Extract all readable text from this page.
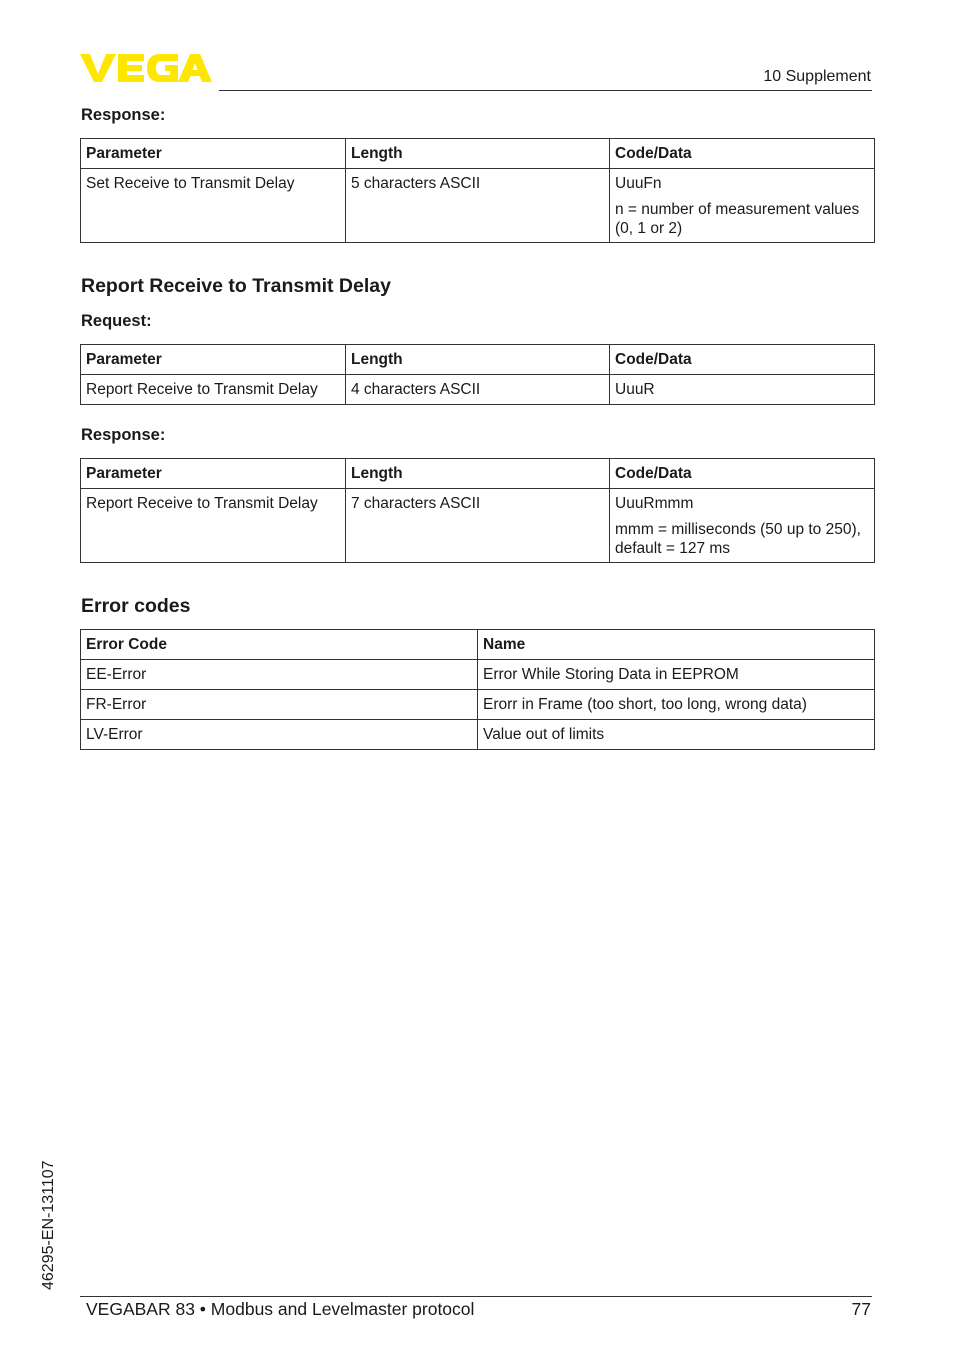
10 Supplement
Response:
Parameter	Length	Code/Data
Set Receive to Transmit Delay	5 characters ASCII	UuuFn
n = number of measurement values (0, 1 or 2)
Report Receive to Transmit Delay
Request:
Parameter	Length	Code/Data
Report Receive to Transmit Delay	4 characters ASCII	UuuR
Response:
Parameter	Length	Code/Data
Report Receive to Transmit Delay	7 characters ASCII	UuuRmmm
mmm = milliseconds (50 up to 250), default = 127 ms
Error codes
Error Code	Name
EE-Error	Error While Storing Data in EEPROM
FR-Error	Erorr in Frame (too short, too long, wrong data)
LV-Error	Value out of limits
46295-EN-131107
VEGABAR 83 • Modbus and Levelmaster protocol	77
